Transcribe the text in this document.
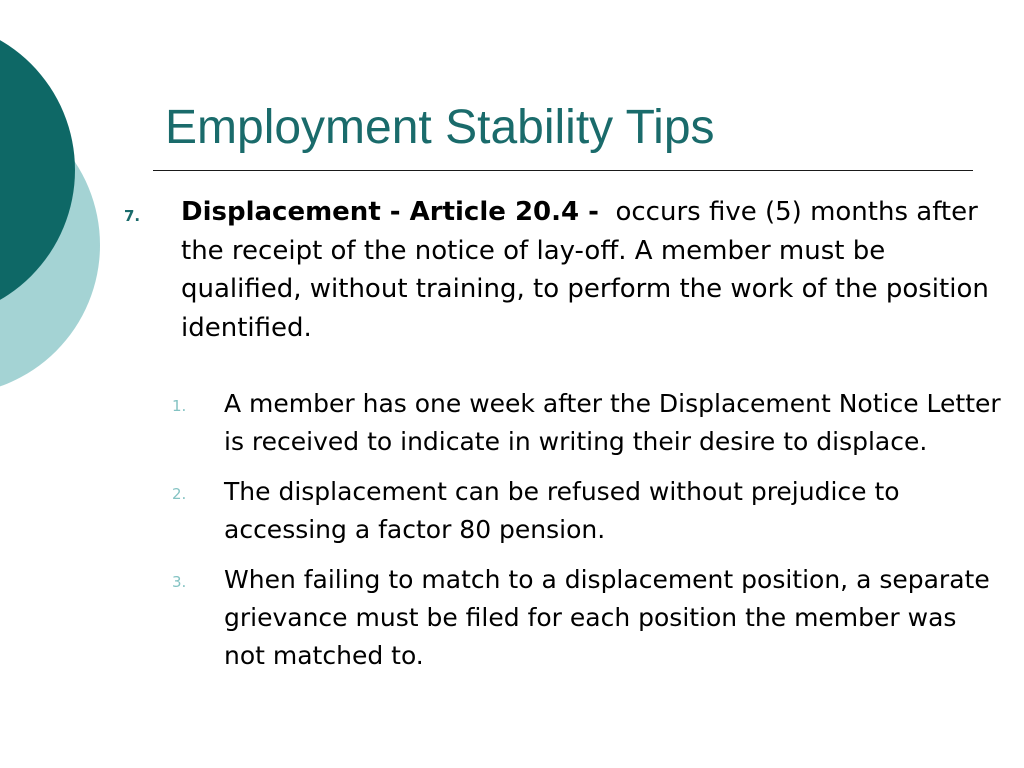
Employment Stability Tips
7. Displacement - Article 20.4 - occurs five (5) months after the receipt of the notice of lay-off. A member must be qualified, without training, to perform the work of the position identified.

1. A member has one week after the Displacement Notice Letter is received to indicate in writing their desire to displace.
2. The displacement can be refused without prejudice to accessing a factor 80 pension.
3. When failing to match to a displacement position, a separate grievance must be filed for each position the member was not matched to.
